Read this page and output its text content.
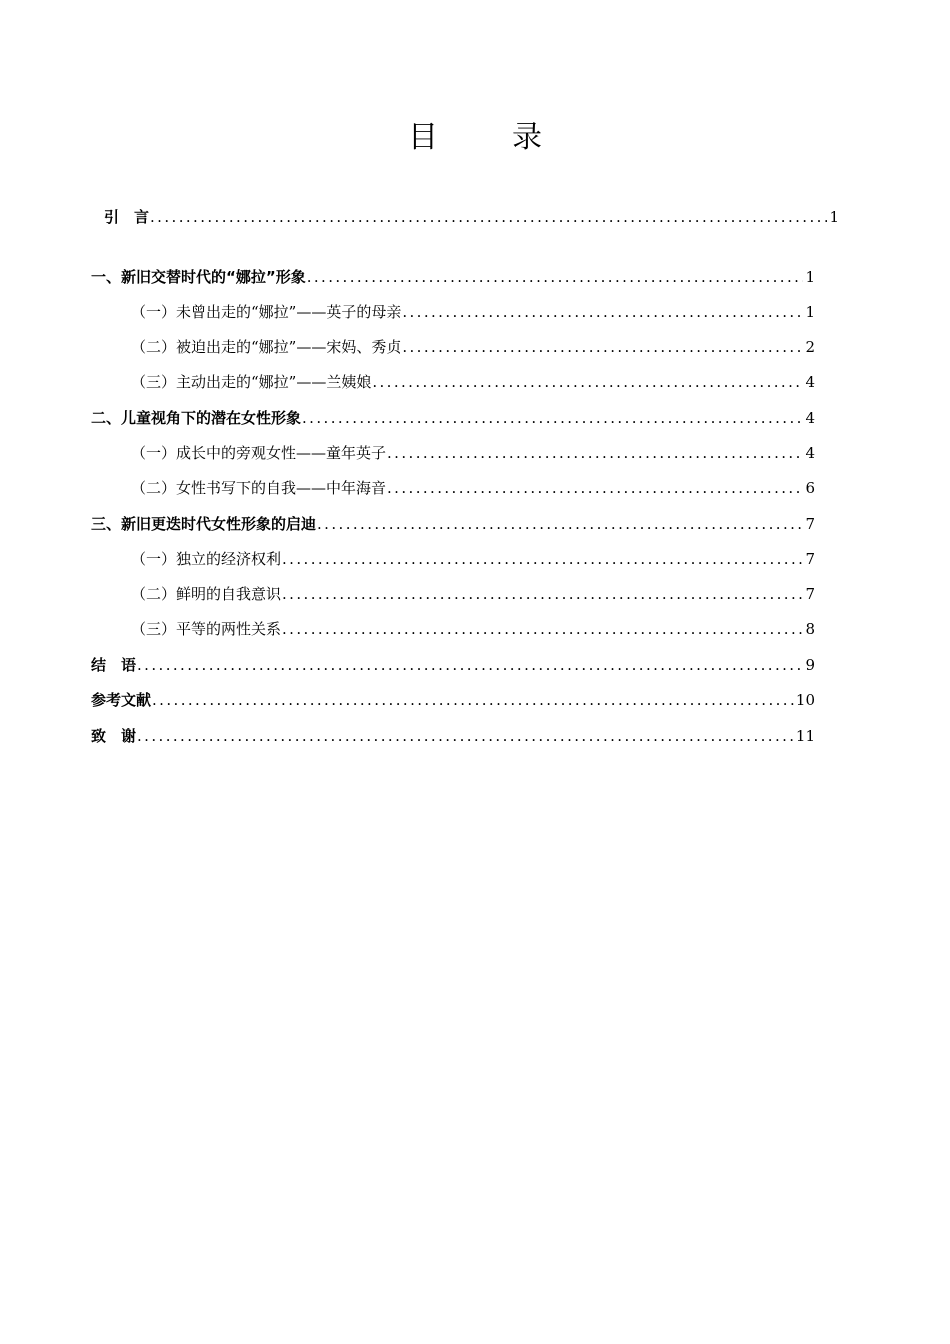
目　录
引　言 .....	1
一、新旧交替时代的“娜拉”形象 .....	1
（一）未曾出走的“娜拉”——英子的母亲 .....	1
（二）被迫出走的“娜拉”——宋妈、秀贞 .....	2
（三）主动出走的“娜拉”——兰姨娘 .....	4
二、儿童视角下的潜在女性形象 .....	4
（一）成长中的旁观女性——童年英子 .....	4
（二）女性书写下的自我——中年海音 .....	6
三、新旧更迭时代女性形象的启迪 .....	7
（一）独立的经济权利 .....	7
（二）鲜明的自我意识 .....	7
（三）平等的两性关系 .....	8
结　语 .....	9
参考文献 .....	10
致　谢 .....	11
